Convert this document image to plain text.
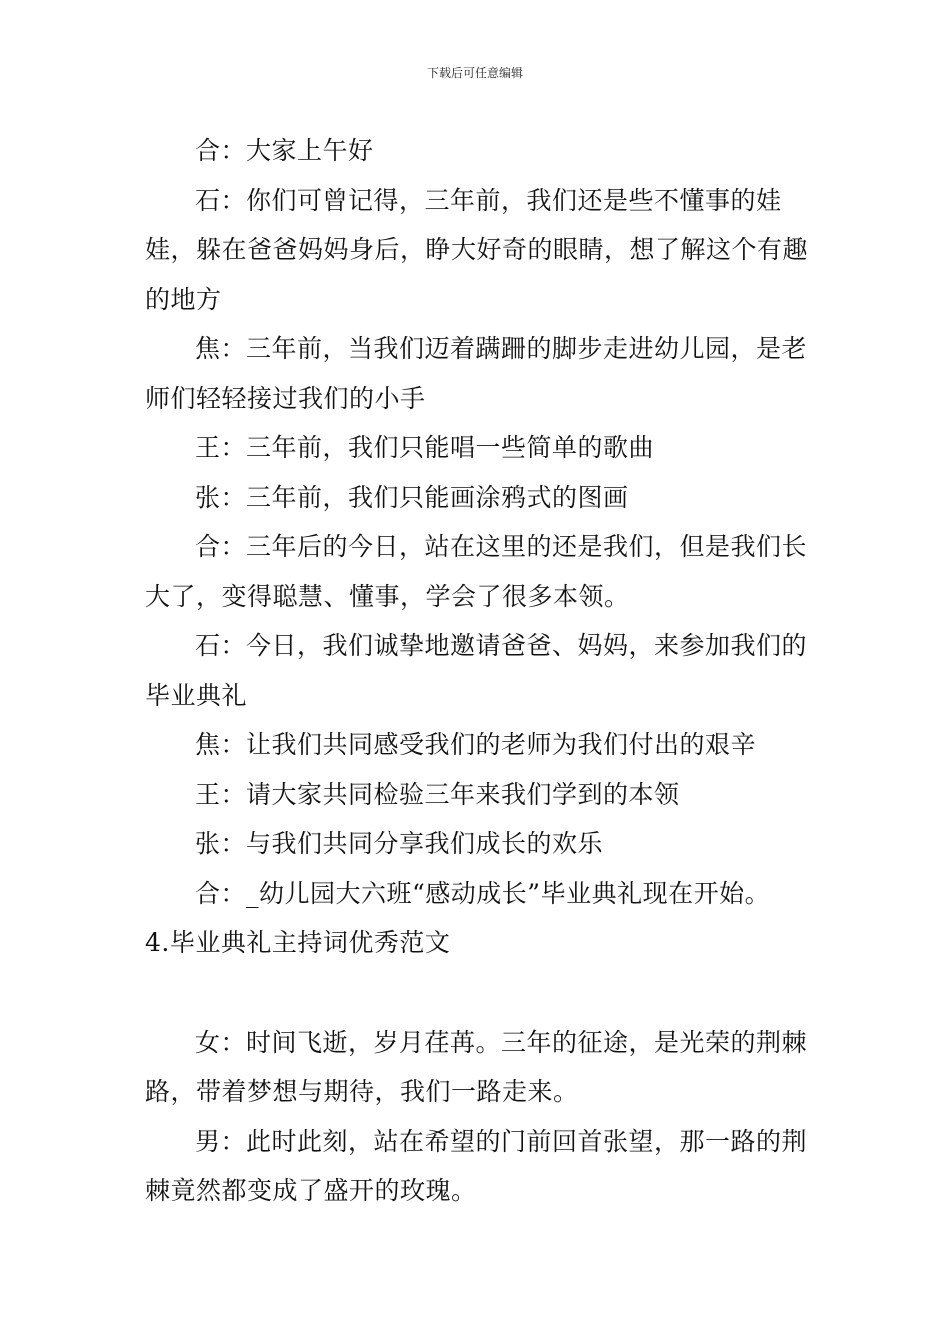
下载后可任意编辑

合：大家上午好

石：你们可曾记得，三年前，我们还是些不懂事的娃娃，躲在爸爸妈妈身后，睁大好奇的眼睛，想了解这个有趣的地方

焦：三年前，当我们迈着蹒跚的脚步走进幼儿园，是老师们轻轻接过我们的小手

王：三年前，我们只能唱一些简单的歌曲

张：三年前，我们只能画涂鸦式的图画

合：三年后的今日，站在这里的还是我们，但是我们长大了，变得聪慧、懂事，学会了很多本领。

石：今日，我们诚挚地邀请爸爸、妈妈，来参加我们的毕业典礼

焦：让我们共同感受我们的老师为我们付出的艰辛

王：请大家共同检验三年来我们学到的本领

张：与我们共同分享我们成长的欢乐

合：_幼儿园大六班“感动成长”毕业典礼现在开始。

4.毕业典礼主持词优秀范文

女：时间飞逝，岁月荏苒。三年的征途，是光荣的荆棘路，带着梦想与期待，我们一路走来。

男：此时此刻，站在希望的门前回首张望，那一路的荆棘竟然都变成了盛开的玫瑰。
